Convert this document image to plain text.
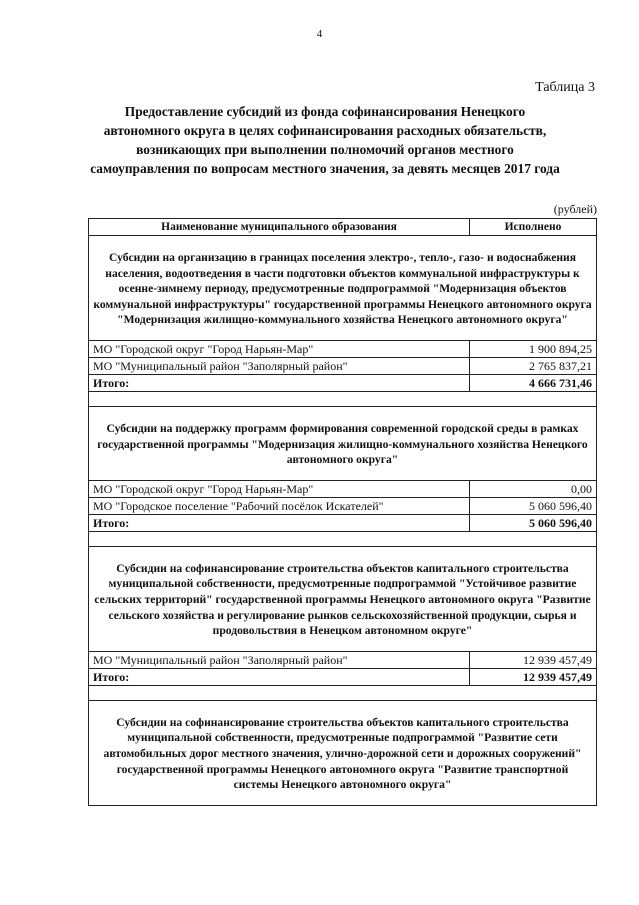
4
Таблица 3
Предоставление субсидий из фонда софинансирования Ненецкого автономного округа в целях софинансирования расходных обязательств, возникающих при выполнении полномочий органов местного самоуправления по вопросам местного значения, за девять месяцев 2017 года
(рублей)
Наименование муниципального образования	Исполнено
Субсидии на организацию в границах поселения электро-, тепло-, газо- и водоснабжения населения, водоотведения в части подготовки объектов коммунальной инфраструктуры к осенне-зимнему периоду, предусмотренные подпрограммой "Модернизация объектов коммунальной инфраструктуры" государственной программы Ненецкого автономного округа "Модернизация жилищно-коммунального хозяйства Ненецкого автономного округа"	
МО "Городской округ "Город Нарьян-Мар"	1 900 894,25
МО "Муниципальный район "Заполярный район"	2 765 837,21
Итого:	4 666 731,46

Субсидии на поддержку программ формирования современной городской среды в рамках государственной программы "Модернизация жилищно-коммунального хозяйства Ненецкого автономного округа"	
МО "Городской округ "Город Нарьян-Мар"	0,00
МО "Городское поселение "Рабочий посёлок Искателей"	5 060 596,40
Итого:	5 060 596,40

Субсидии на софинансирование строительства объектов капитального строительства муниципальной собственности, предусмотренные подпрограммой "Устойчивое развитие сельских территорий" государственной программы Ненецкого автономного округа "Развитие сельского хозяйства и регулирование рынков сельскохозяйственной продукции, сырья и продовольствия в Ненецком автономном округе"	
МО "Муниципальный район "Заполярный район"	12 939 457,49
Итого:	12 939 457,49

Субсидии на софинансирование строительства объектов капитального строительства муниципальной собственности, предусмотренные подпрограммой "Развитие сети автомобильных дорог местного значения, улично-дорожной сети и дорожных сооружений" государственной программы Ненецкого автономного округа "Развитие транспортной системы Ненецкого автономного округа"	
